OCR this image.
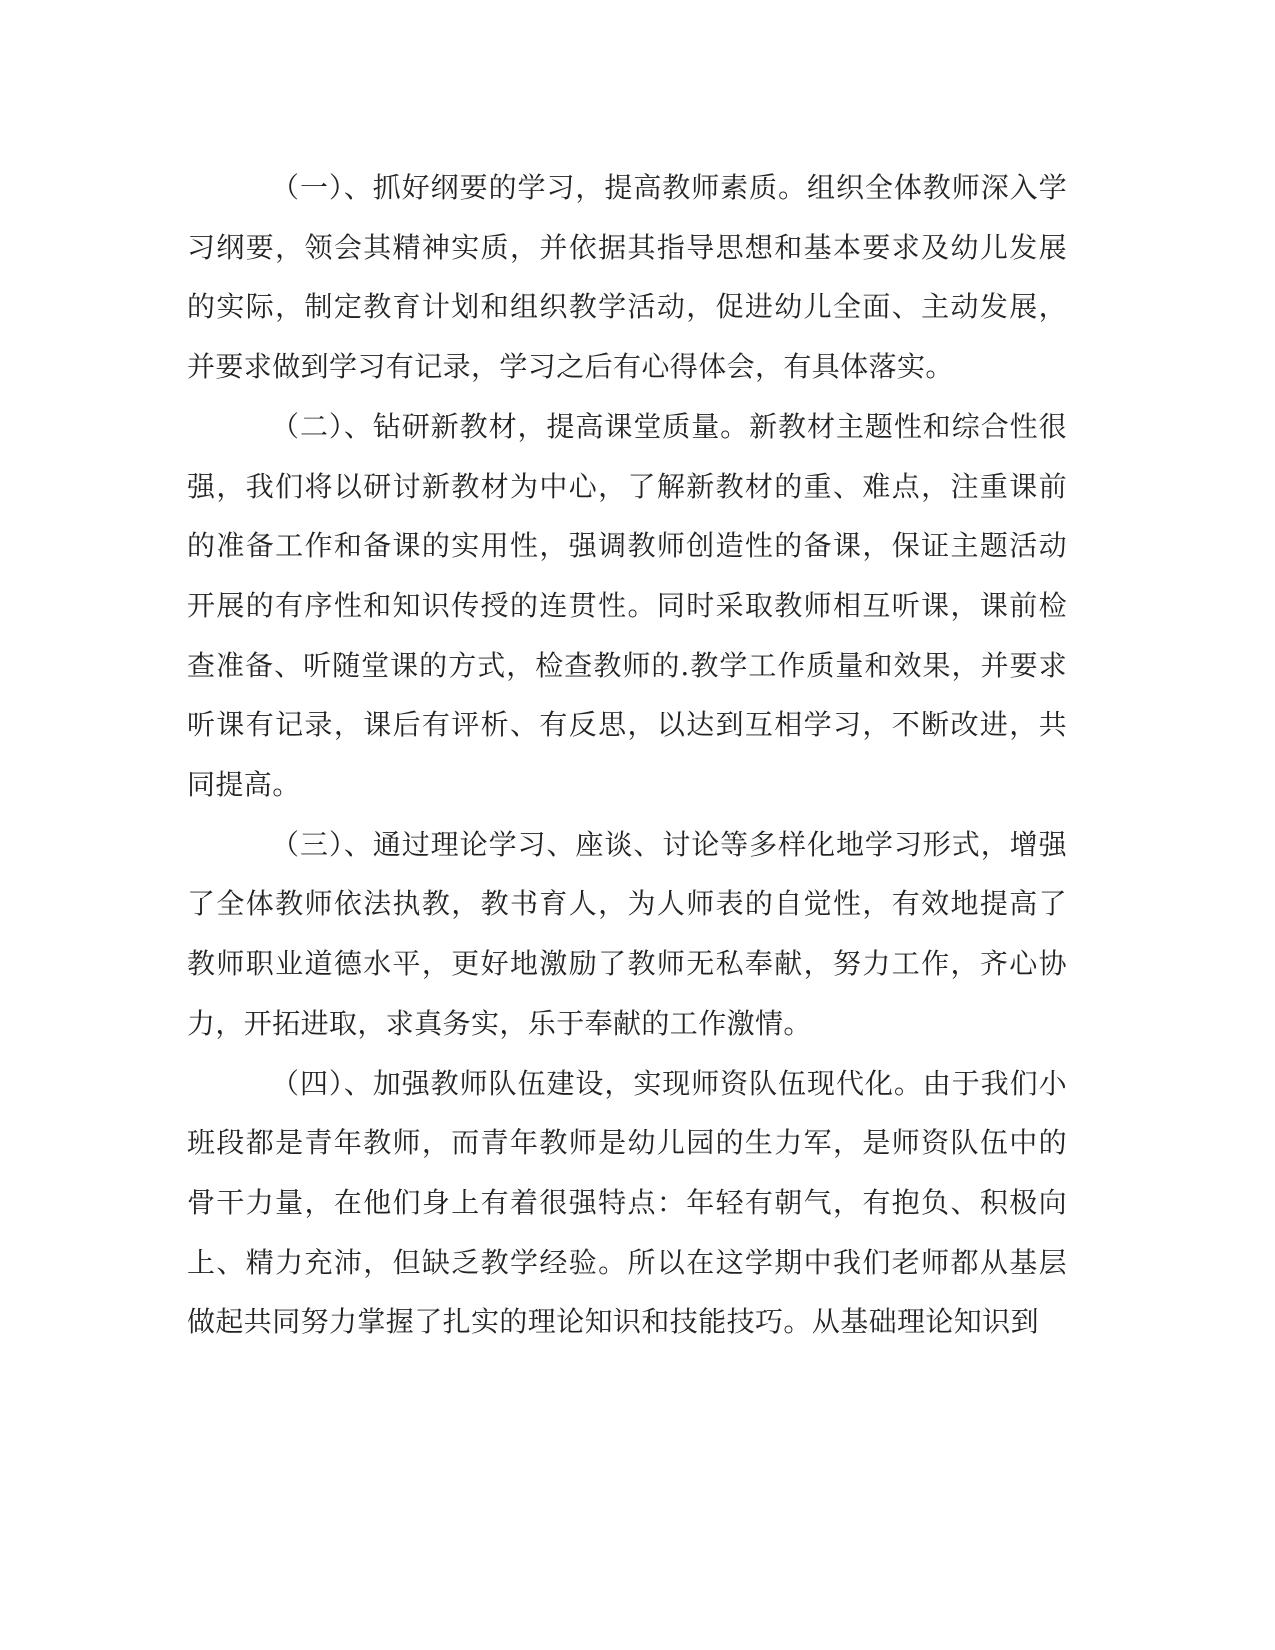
（一）、抓好纲要的学习，提高教师素质。组织全体教师深入学习纲要，领会其精神实质，并依据其指导思想和基本要求及幼儿发展的实际，制定教育计划和组织教学活动，促进幼儿全面、主动发展，并要求做到学习有记录，学习之后有心得体会，有具体落实。

（二）、钻研新教材，提高课堂质量。新教材主题性和综合性很强，我们将以研讨新教材为中心，了解新教材的重、难点，注重课前的准备工作和备课的实用性，强调教师创造性的备课，保证主题活动开展的有序性和知识传授的连贯性。同时采取教师相互听课，课前检查准备、听随堂课的方式，检查教师的.教学工作质量和效果，并要求听课有记录，课后有评析、有反思，以达到互相学习，不断改进，共同提高。

（三）、通过理论学习、座谈、讨论等多样化地学习形式，增强了全体教师依法执教，教书育人，为人师表的自觉性，有效地提高了教师职业道德水平，更好地激励了教师无私奉献，努力工作，齐心协力，开拓进取，求真务实，乐于奉献的工作激情。

（四）、加强教师队伍建设，实现师资队伍现代化。由于我们小班段都是青年教师，而青年教师是幼儿园的生力军，是师资队伍中的骨干力量，在他们身上有着很强特点：年轻有朝气，有抱负、积极向上、精力充沛，但缺乏教学经验。所以在这学期中我们老师都从基层做起共同努力掌握了扎实的理论知识和技能技巧。从基础理论知识到
